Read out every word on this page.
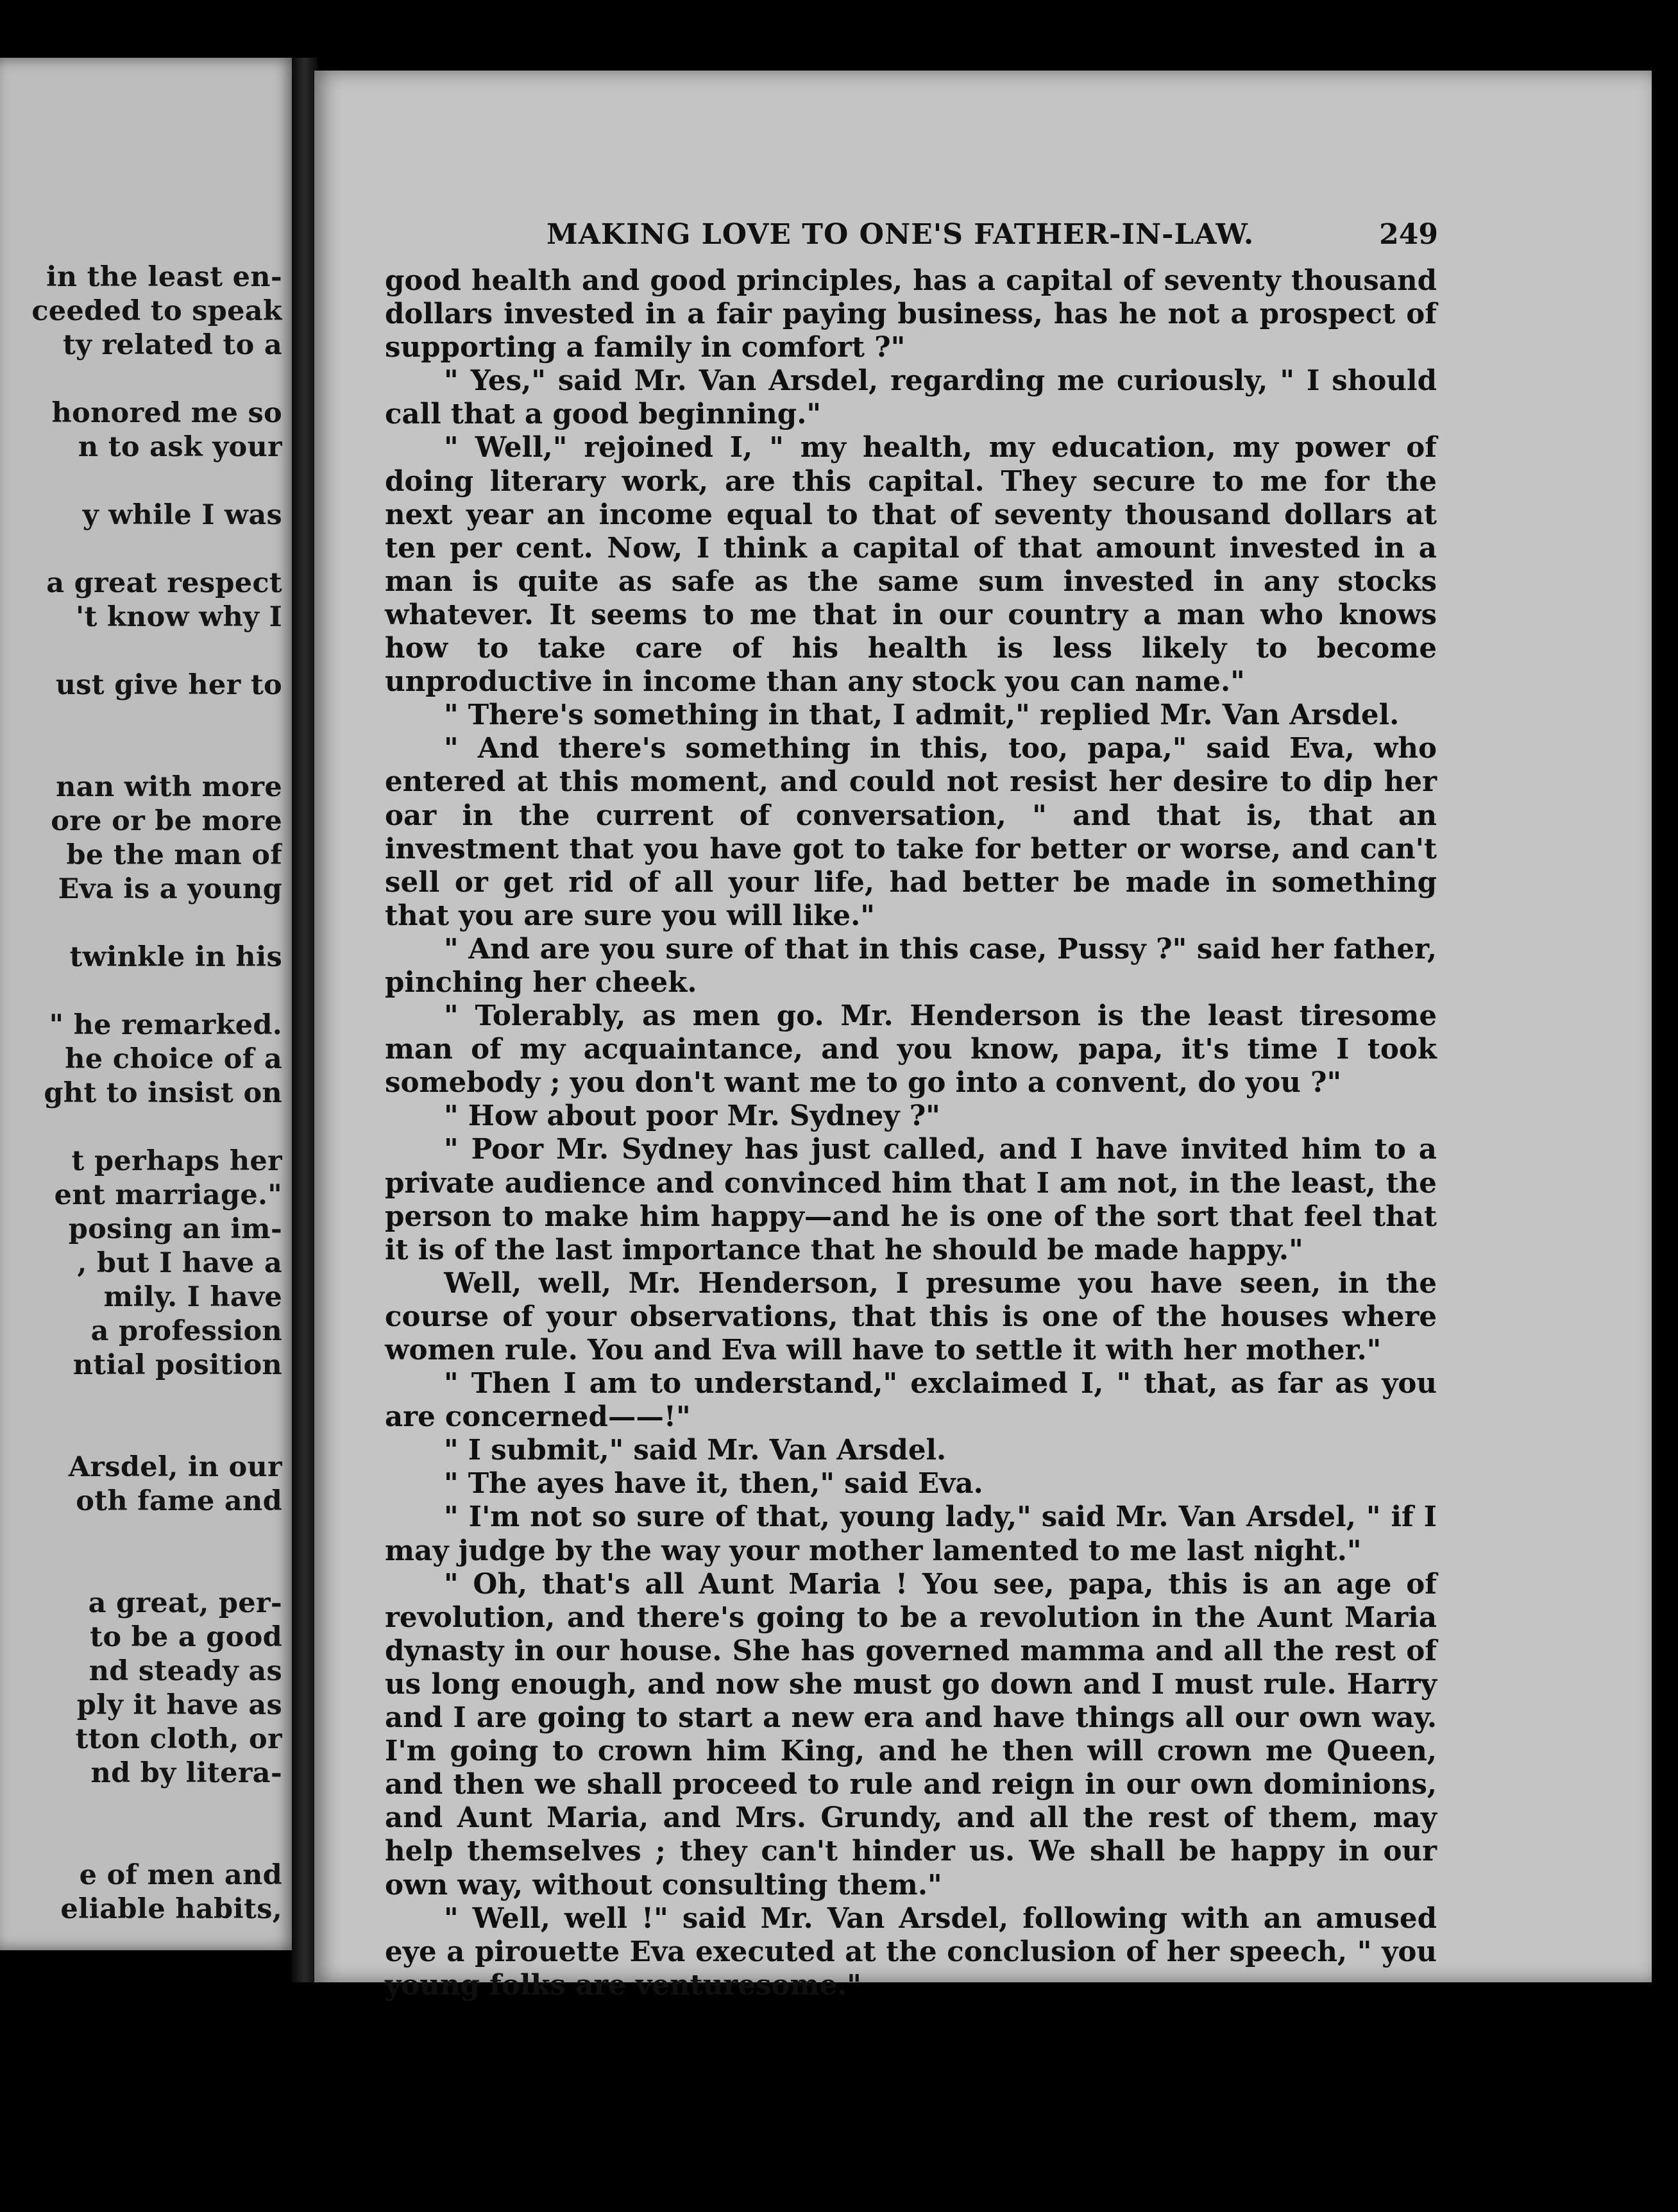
in the least en-
ceeded to speak
ty related to a
honored me so
n to ask your
y while I was
a great respect
't know why I
ust give her to
nan with more
ore or be more
be the man of
Eva is a young
twinkle in his
" he remarked.
he choice of a
ght to insist on
t perhaps her
ent marriage."
posing an im-
, but I have a
mily. I have
a profession
ntial position
Arsdel, in our
oth fame and
a great, per-
to be a good
nd steady as
ply it have as
tton cloth, or
nd by litera-
e of men and
eliable habits,
MAKING LOVE TO ONE'S FATHER-IN-LAW.	249

good health and good principles, has a capital of seventy thousand dollars invested in a fair paying business, has he not a prospect of supporting a family in comfort ?"

" Yes," said Mr. Van Arsdel, regarding me curiously, " I should call that a good beginning."

" Well," rejoined I, " my health, my education, my power of doing literary work, are this capital. They secure to me for the next year an income equal to that of seventy thousand dollars at ten per cent. Now, I think a capital of that amount invested in a man is quite as safe as the same sum invested in any stocks whatever. It seems to me that in our country a man who knows how to take care of his health is less likely to become unproductive in income than any stock you can name."

" There's something in that, I admit," replied Mr. Van Arsdel.

" And there's something in this, too, papa," said Eva, who entered at this moment, and could not resist her desire to dip her oar in the current of conversation, " and that is, that an investment that you have got to take for better or worse, and can't sell or get rid of all your life, had better be made in something that you are sure you will like."

" And are you sure of that in this case, Pussy ?" said her father, pinching her cheek.

" Tolerably, as men go. Mr. Henderson is the least tiresome man of my acquaintance, and you know, papa, it's time I took somebody ; you don't want me to go into a convent, do you ?"

" How about poor Mr. Sydney ?"

" Poor Mr. Sydney has just called, and I have invited him to a private audience and convinced him that I am not, in the least, the person to make him happy—and he is one of the sort that feel that it is of the last importance that he should be made happy."

Well, well, Mr. Henderson, I presume you have seen, in the course of your observations, that this is one of the houses where women rule. You and Eva will have to settle it with her mother."

" Then I am to understand," exclaimed I, " that, as far as you are concerned——!"

" I submit," said Mr. Van Arsdel.

" The ayes have it, then," said Eva.

" I'm not so sure of that, young lady," said Mr. Van Arsdel, " if I may judge by the way your mother lamented to me last night."

" Oh, that's all Aunt Maria ! You see, papa, this is an age of revolution, and there's going to be a revolution in the Aunt Maria dynasty in our house. She has governed mamma and all the rest of us long enough, and now she must go down and I must rule. Harry and I are going to start a new era and have things all our own way. I'm going to crown him King, and he then will crown me Queen, and then we shall proceed to rule and reign in our own dominions, and Aunt Maria, and Mrs. Grundy, and all the rest of them, may help themselves ; they can't hinder us. We shall be happy in our own way, without consulting them."

" Well, well !" said Mr. Van Arsdel, following with an amused eye a pirouette Eva executed at the conclusion of her speech, " you young folks are venturesome."
